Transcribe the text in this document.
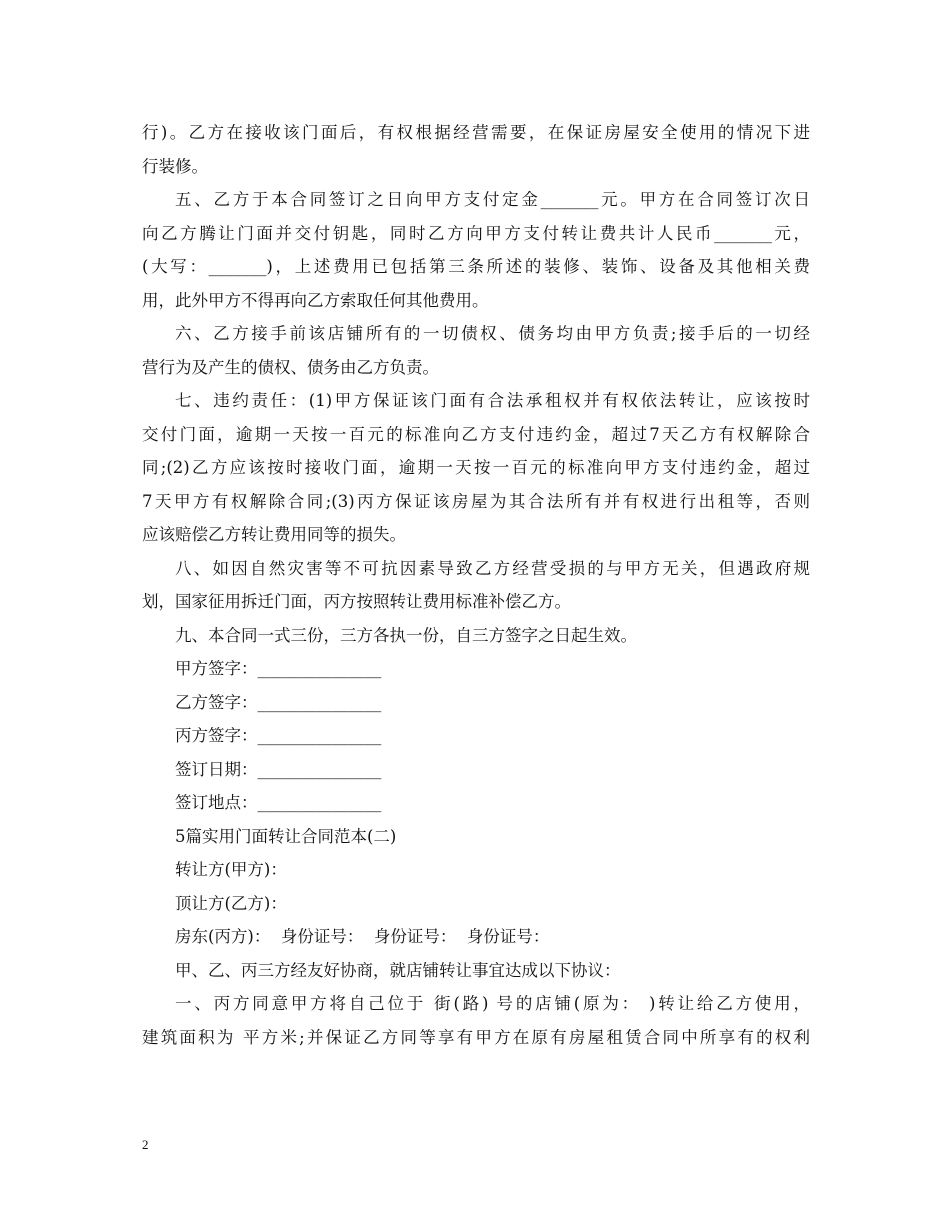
行)。乙方在接收该门面后，有权根据经营需要，在保证房屋安全使用的情况下进
行装修。
五、乙方于本合同签订之日向甲方支付定金_______元。甲方在合同签订次日
向乙方腾让门面并交付钥匙，同时乙方向甲方支付转让费共计人民币_______元，
(大写：_______)，上述费用已包括第三条所述的装修、装饰、设备及其他相关费
用，此外甲方不得再向乙方索取任何其他费用。
六、乙方接手前该店铺所有的一切债权、债务均由甲方负责;接手后的一切经
营行为及产生的债权、债务由乙方负责。
七、违约责任：(1)甲方保证该门面有合法承租权并有权依法转让，应该按时
交付门面，逾期一天按一百元的标准向乙方支付违约金，超过7天乙方有权解除合
同;(2)乙方应该按时接收门面，逾期一天按一百元的标准向甲方支付违约金，超过
7天甲方有权解除合同;(3)丙方保证该房屋为其合法所有并有权进行出租等，否则
应该赔偿乙方转让费用同等的损失。
八、如因自然灾害等不可抗因素导致乙方经营受损的与甲方无关，但遇政府规
划，国家征用拆迁门面，丙方按照转让费用标准补偿乙方。
九、本合同一式三份，三方各执一份，自三方签字之日起生效。
甲方签字：_______________
乙方签字：_______________
丙方签字：_______________
签订日期：_______________
签订地点：_______________
5篇实用门面转让合同范本(二)
转让方(甲方)：
顶让方(乙方)：
房东(丙方)：  身份证号：  身份证号：  身份证号：
甲、乙、丙三方经友好协商，就店铺转让事宜达成以下协议：
一、丙方同意甲方将自己位于 街(路) 号的店铺(原为： )转让给乙方使用，
建筑面积为 平方米;并保证乙方同等享有甲方在原有房屋租赁合同中所享有的权利
2
